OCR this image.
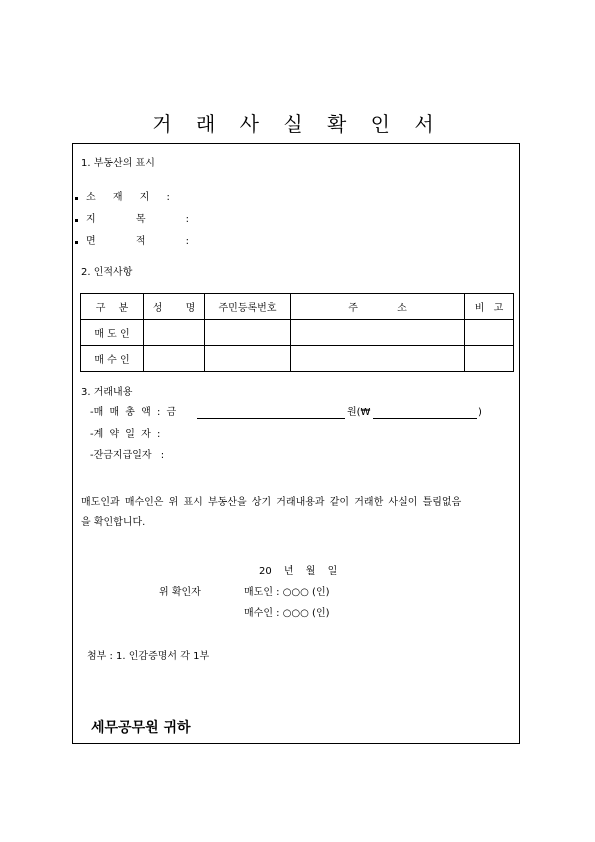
거 래 사 실 확 인 서
1. 부동산의 표시
소 재 지 :
지 목 :
면 적 :
2. 인적사항
구 분	성 명	주민등록번호	주 소	비 고
매 도 인				
매 수 인				
3. 거래내용
-매 매 총 액 : 금	원(₩	)
-계 약 일 자 :
-잔금지급일자 :
매도인과 매수인은 위 표시 부동산을 상기 거래내용과 같이 거래한 사실이 틀림없음
을 확인합니다.
20 년 월 일
위 확인자	매도인 : ○○○ (인)
매수인 : ○○○ (인)
첨부 : 1. 인감증명서 각 1부
세무공무원 귀하
